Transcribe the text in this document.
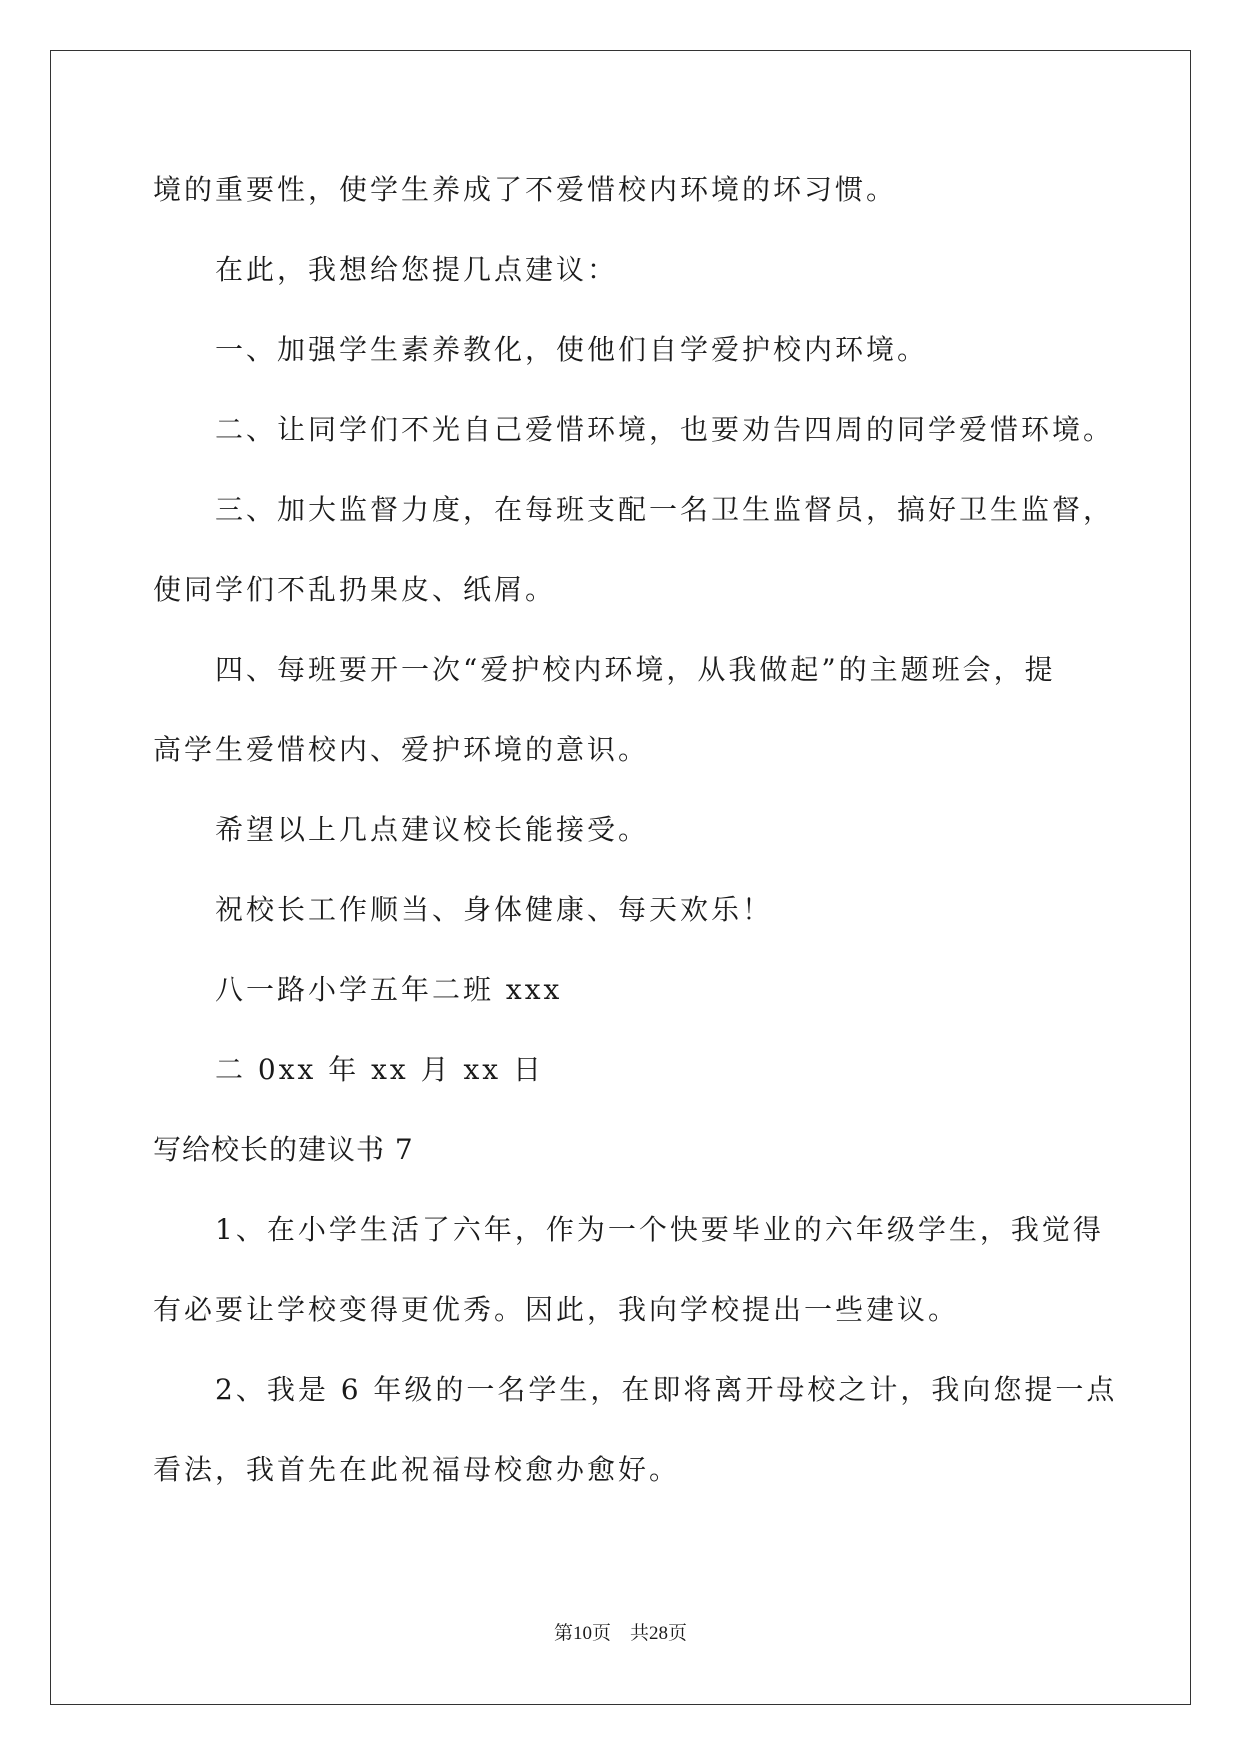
境的重要性，使学生养成了不爱惜校内环境的坏习惯。
在此，我想给您提几点建议：
一、加强学生素养教化，使他们自学爱护校内环境。
二、让同学们不光自己爱惜环境，也要劝告四周的同学爱惜环境。
三、加大监督力度，在每班支配一名卫生监督员，搞好卫生监督，
使同学们不乱扔果皮、纸屑。
四、每班要开一次“爱护校内环境，从我做起”的主题班会，提
高学生爱惜校内、爱护环境的意识。
希望以上几点建议校长能接受。
祝校长工作顺当、身体健康、每天欢乐！
八一路小学五年二班 xxx
二 0xx 年 xx 月 xx 日
写给校长的建议书 7
1、在小学生活了六年，作为一个快要毕业的六年级学生，我觉得
有必要让学校变得更优秀。因此，我向学校提出一些建议。
2、我是 6 年级的一名学生，在即将离开母校之计，我向您提一点
看法，我首先在此祝福母校愈办愈好。
第10页　共28页
